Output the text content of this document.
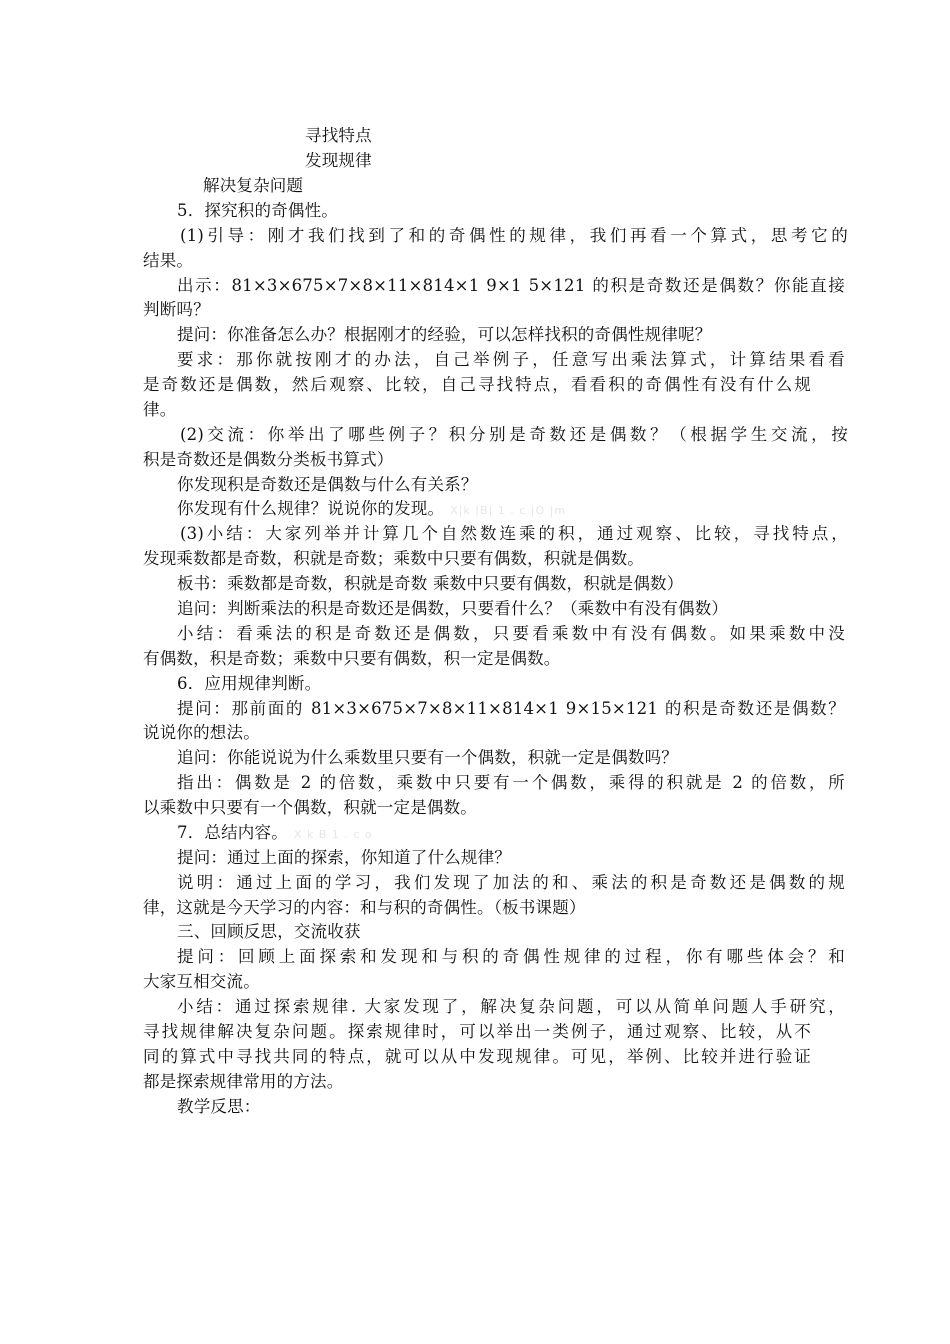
寻找特点
发现规律
解决复杂问题
5．探究积的奇偶性。
(1)引导：刚才我们找到了和的奇偶性的规律，我们再看一个算式，思考它的
结果。
出示：81×3×675×7×8×11×814×1 9×1 5×121 的积是奇数还是偶数？你能直接
判断吗？
提问：你准备怎么办？根据刚才的经验，可以怎样找积的奇偶性规律呢？
要求：那你就按刚才的办法，自己举例子，任意写出乘法算式，计算结果看看
是奇数还是偶数，然后观察、比较，自己寻找特点，看看积的奇偶性有没有什么规
律。
(2)交流：你举出了哪些例子？积分别是奇数还是偶数？（根据学生交流，按
积是奇数还是偶数分类板书算式）
你发现积是奇数还是偶数与什么有关系？
你发现有什么规律？说说你的发现。 X|k |B| 1 . c |O |m
(3)小结：大家列举并计算几个自然数连乘的积，通过观察、比较，寻找特点，
发现乘数都是奇数，积就是奇数；乘数中只要有偶数，积就是偶数。
板书：乘数都是奇数，积就是奇数 乘数中只要有偶数，积就是偶数）
追问：判断乘法的积是奇数还是偶数，只要看什么？（乘数中有没有偶数）
小结：看乘法的积是奇数还是偶数，只要看乘数中有没有偶数。如果乘数中没
有偶数，积是奇数；乘数中只要有偶数，积一定是偶数。
6．应用规律判断。
提问：那前面的 81×3×675×7×8×11×814×1 9×15×121 的积是奇数还是偶数？
说说你的想法。
追问：你能说说为什么乘数里只要有一个偶数，积就一定是偶数吗？
指出：偶数是 2 的倍数，乘数中只要有一个偶数，乘得的积就是 2 的倍数，所
以乘数中只要有一个偶数，积就一定是偶数。
7．总结内容。 X k B 1 . c o
提问：通过上面的探索，你知道了什么规律？
说明：通过上面的学习，我们发现了加法的和、乘法的积是奇数还是偶数的规
律，这就是今天学习的内容：和与积的奇偶性。（板书课题）
三、回顾反思，交流收获
提问：回顾上面探索和发现和与积的奇偶性规律的过程，你有哪些体会？和
大家互相交流。
小结：通过探索规律. 大家发现了，解决复杂问题，可以从简单问题人手研究，
寻找规律解决复杂问题。探索规律时，可以举出一类例子，通过观察、比较，从不
同的算式中寻找共同的特点，就可以从中发现规律。可见，举例、比较并进行验证
都是探索规律常用的方法。
教学反思：
